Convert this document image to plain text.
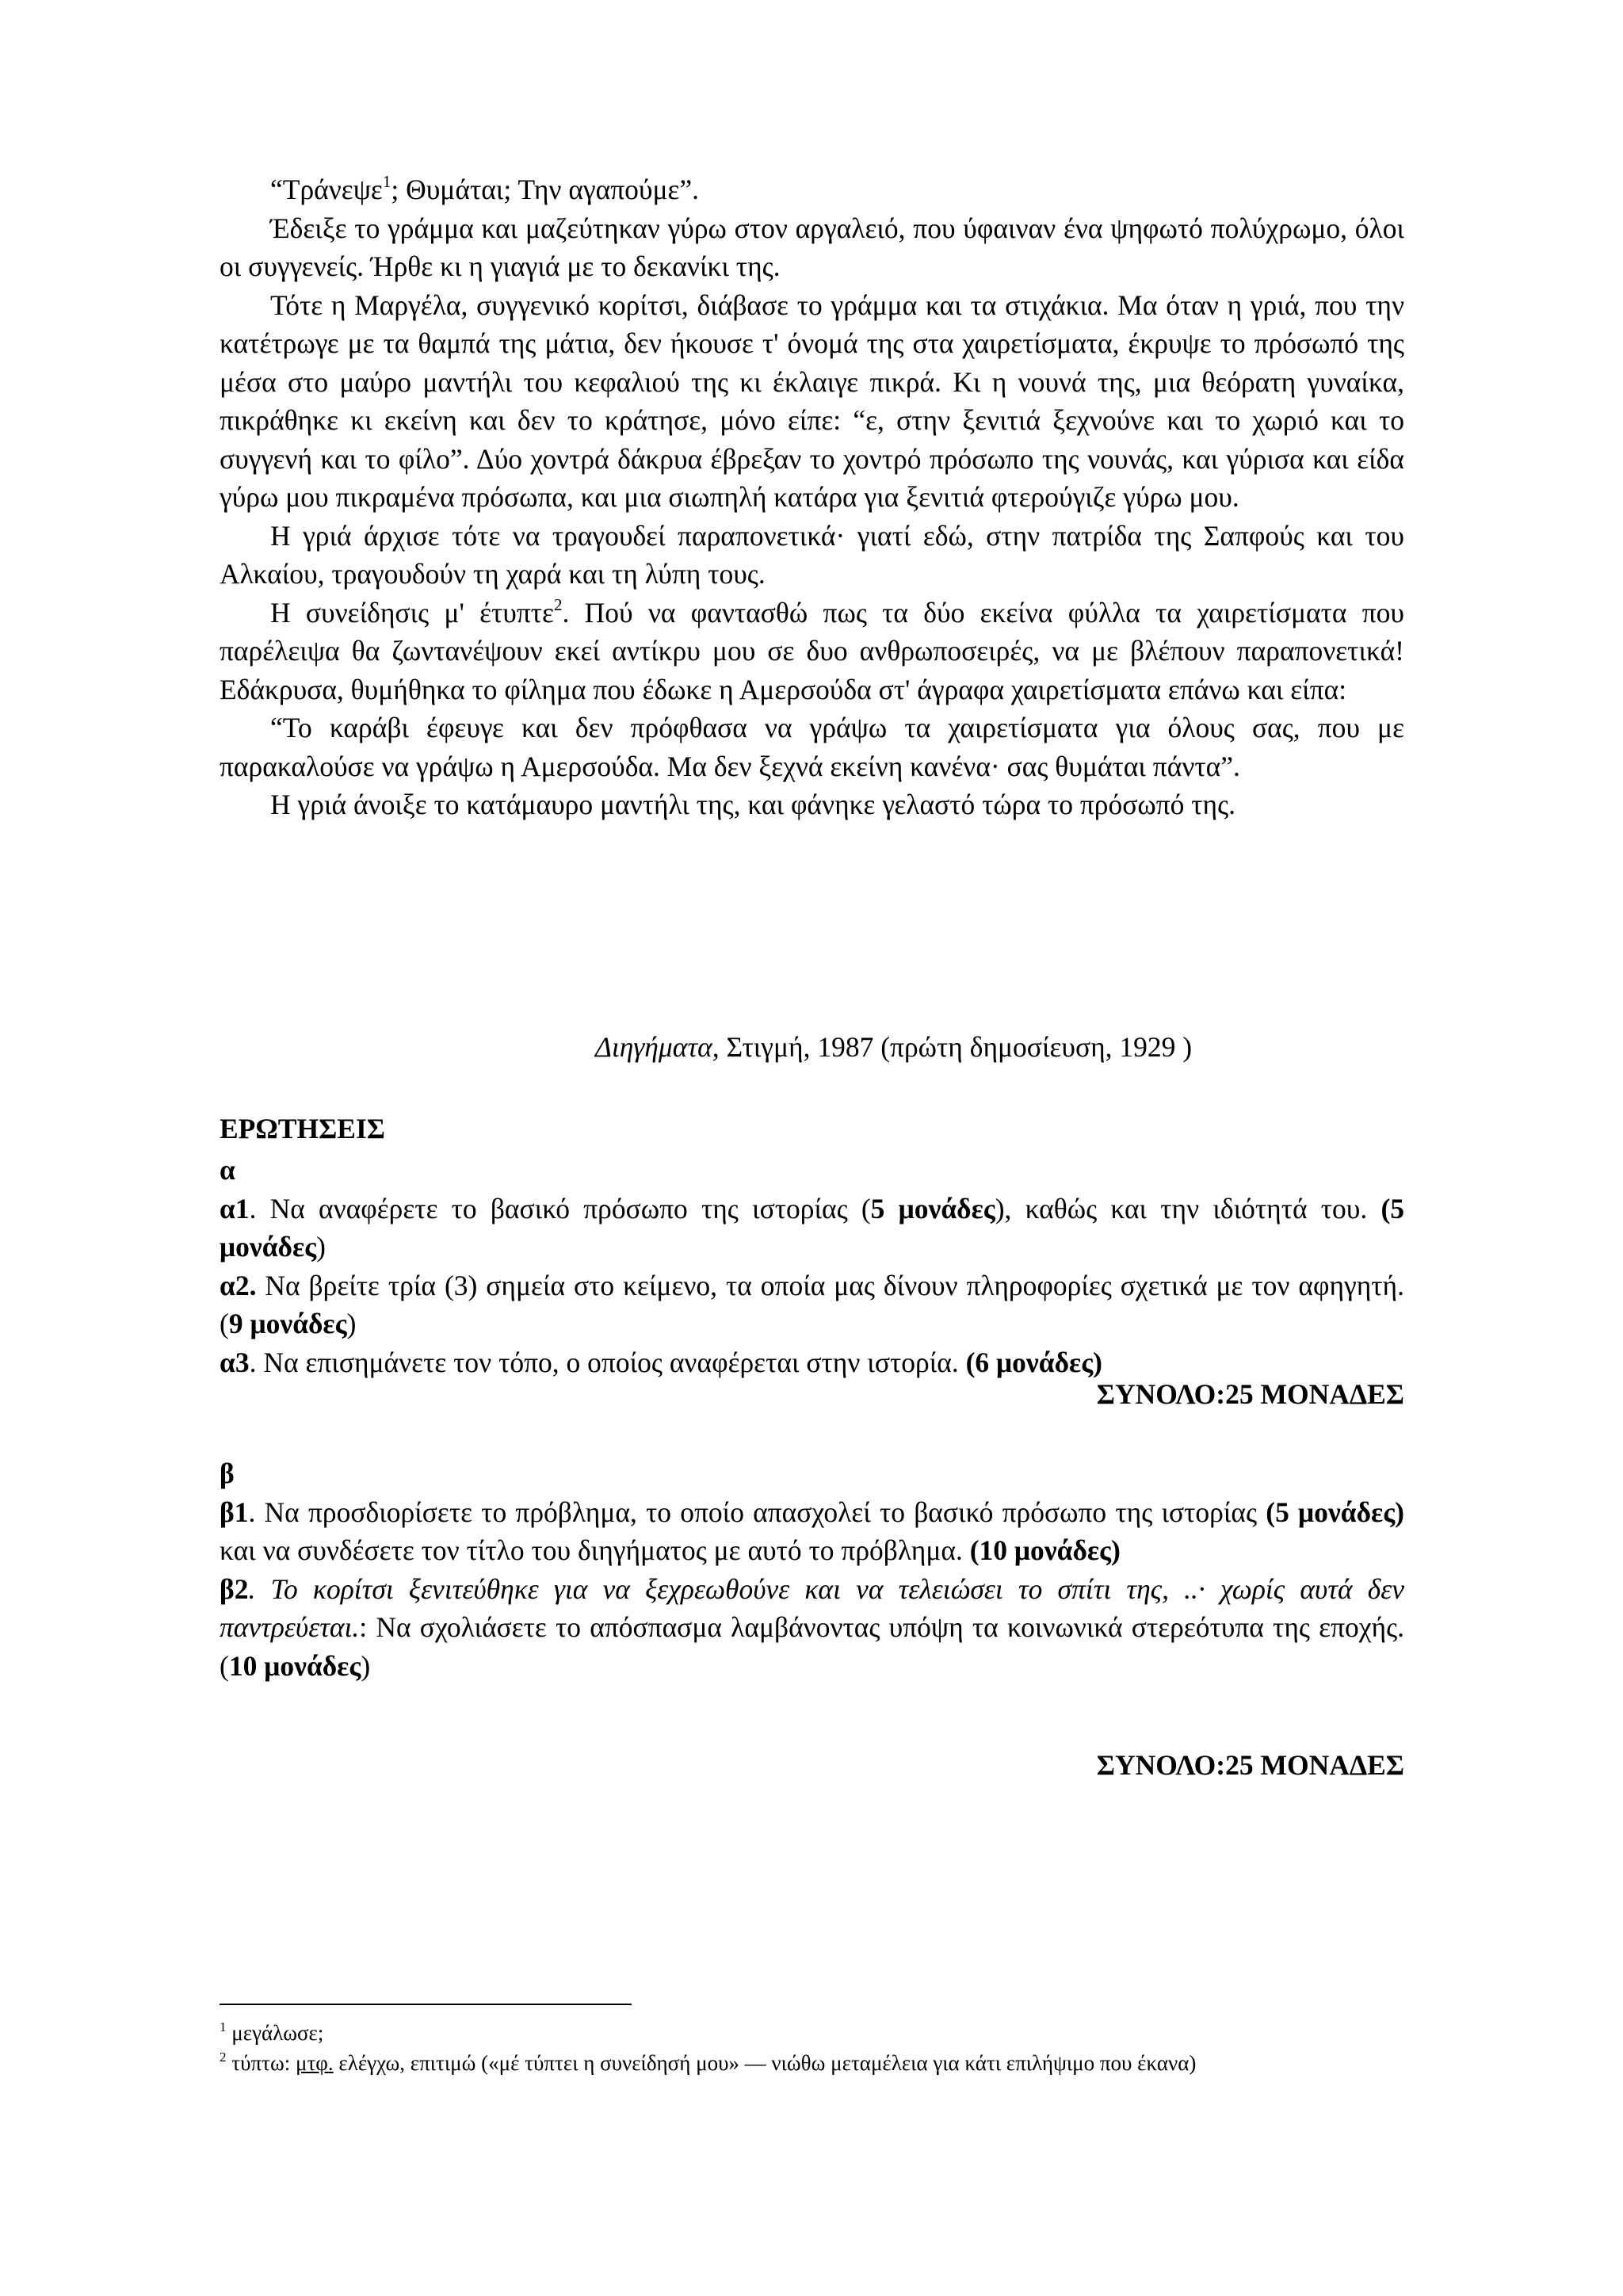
“Τράνεψε$^1$; Θυμάται; Την αγαπούμε”.

Έδειξε το γράμμα και μαζεύτηκαν γύρω στον αργαλειό, που ύφαιναν ένα ψηφωτό πολύχρωμο, όλοι οι συγγενείς. Ήρθε κι η γιαγιά με το δεκανίκι της.

Τότε η Μαργέλα, συγγενικό κορίτσι, διάβασε το γράμμα και τα στιχάκια. Μα όταν η γριά, που την κατέτρωγε με τα θαμπά της μάτια, δεν ήκουσε τ' όνομά της στα χαιρετίσματα, έκρυψε το πρόσωπό της μέσα στο μαύρο μαντήλι του κεφαλιού της κι έκλαιγε πικρά. Κι η νουνά της, μια θεόρατη γυναίκα, πικράθηκε κι εκείνη και δεν το κράτησε, μόνο είπε: “ε, στην ξενιτιά ξεχνούνε και το χωριό και το συγγενή και το φίλο”. Δύο χοντρά δάκρυα έβρεξαν το χοντρό πρόσωπο της νουνάς, και γύρισα και είδα γύρω μου πικραμένα πρόσωπα, και μια σιωπηλή κατάρα για ξενιτιά φτερούγιζε γύρω μου.

Η γριά άρχισε τότε να τραγουδεί παραπονετικά· γιατί εδώ, στην πατρίδα της Σαπφούς και του Αλκαίου, τραγουδούν τη χαρά και τη λύπη τους.

Η συνείδησις μ' έτυπτε$^2$. Πού να φαντασθώ πως τα δύο εκείνα φύλλα τα χαιρετίσματα που παρέλειψα θα ζωντανέψουν εκεί αντίκρυ μου σε δυο ανθρωποσειρές, να με βλέπουν παραπονετικά! Εδάκρυσα, θυμήθηκα το φίλημα που έδωκε η Αμερσούδα στ' άγραφα χαιρετίσματα επάνω και είπα:

“Το καράβι έφευγε και δεν πρόφθασα να γράψω τα χαιρετίσματα για όλους σας, που με παρακαλούσε να γράψω η Αμερσούδα. Μα δεν ξεχνά εκείνη κανένα· σας θυμάται πάντα”.

Η γριά άνοιξε το κατάμαυρο μαντήλι της, και φάνηκε γελαστό τώρα το πρόσωπό της.

Διηγήματα, Στιγμή, 1987 (πρώτη δημοσίευση, 1929 )
ΕΡΩΤΗΣΕΙΣ

α

α1. Να αναφέρετε το βασικό πρόσωπο της ιστορίας (5 μονάδες), καθώς και την ιδιότητά του. (5 μονάδες)

α2. Να βρείτε τρία (3) σημεία στο κείμενο, τα οποία μας δίνουν πληροφορίες σχετικά με τον αφηγητή. (9 μονάδες)

α3. Να επισημάνετε τον τόπο, ο οποίος αναφέρεται στην ιστορία. (6 μονάδες)

ΣΥΝΟΛΟ:25 ΜΟΝΑΔΕΣ

β

β1. Να προσδιορίσετε το πρόβλημα, το οποίο απασχολεί το βασικό πρόσωπο της ιστορίας (5 μονάδες) και να συνδέσετε τον τίτλο του διηγήματος με αυτό το πρόβλημα. (10 μονάδες)

β2. Το κορίτσι ξενιτεύθηκε για να ξεχρεωθούνε και να τελειώσει το σπίτι της, ..· χωρίς αυτά δεν παντρεύεται.: Να σχολιάσετε το απόσπασμα λαμβάνοντας υπόψη τα κοινωνικά στερεότυπα της εποχής. (10 μονάδες)

ΣΥΝΟΛΟ:25 ΜΟΝΑΔΕΣ
$^1$ μεγάλωσε;
$^2$ τύπτω: μτφ. ελέγχω, επιτιμώ («μέ τύπτει η συνείδησή μου» — νιώθω μεταμέλεια για κάτι επιλήψιμο που έκανα)
